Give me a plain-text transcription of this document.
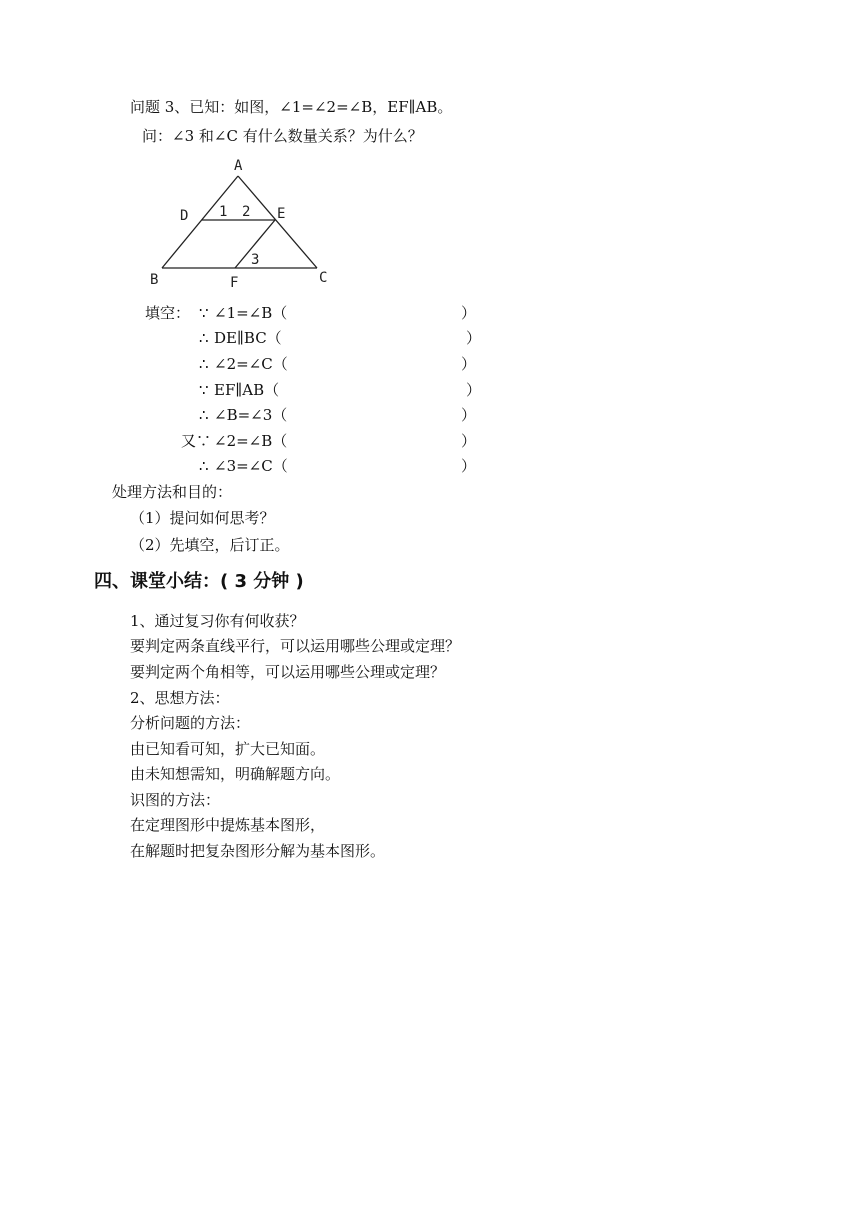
问题 3、已知：如图，∠1=∠2=∠B，EF∥AB。
问：∠3 和∠C 有什么数量关系？为什么？
A
D	E
1 2
B	F
3
C
填空： ∵ ∠1=∠B（	）
∴ DE∥BC（	）
∴ ∠2=∠C（	）
∵ EF∥AB（	）
∴ ∠B=∠3（	）
又∵ ∠2=∠B（	）
∴ ∠3=∠C（	）
处理方法和目的：
（1）提问如何思考？
（2）先填空，后订正。
四、课堂小结：( 3 分钟 )
1、通过复习你有何收获？
要判定两条直线平行，可以运用哪些公理或定理？
要判定两个角相等，可以运用哪些公理或定理？
2、思想方法：
分析问题的方法：
由已知看可知，扩大已知面。
由未知想需知，明确解题方向。
识图的方法：
在定理图形中提炼基本图形，
在解题时把复杂图形分解为基本图形。
